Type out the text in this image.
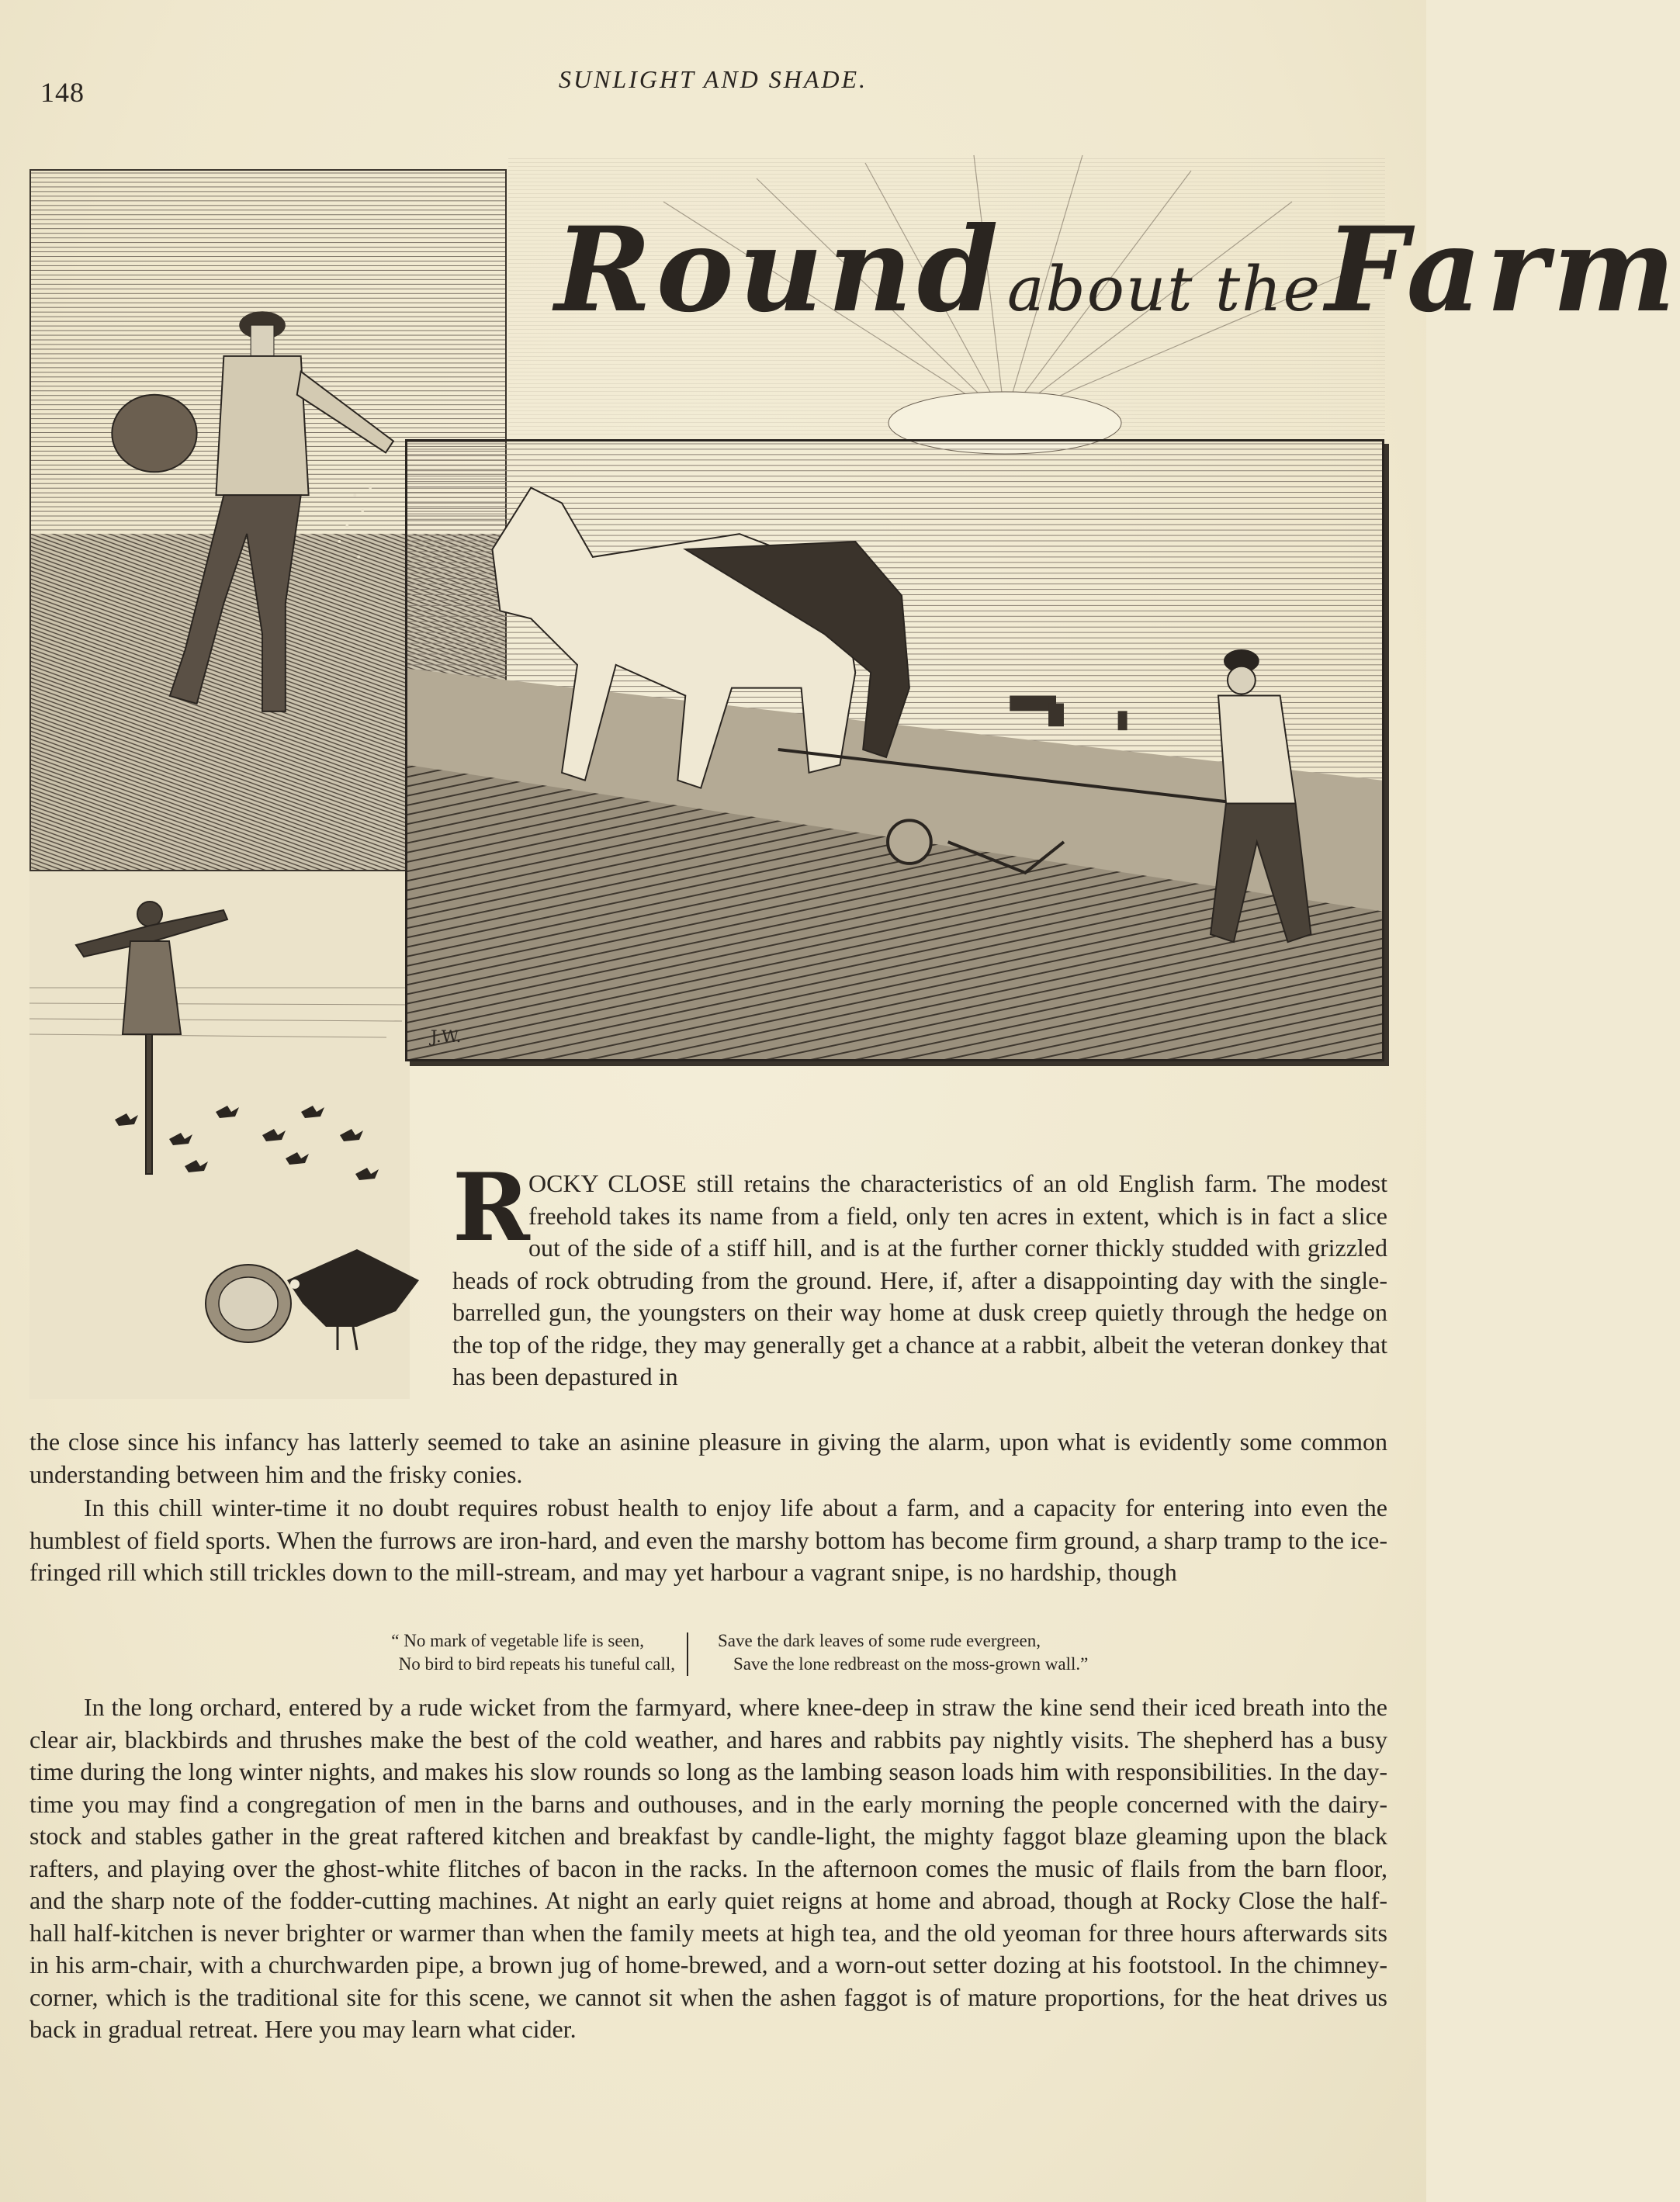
148	SUNLIGHT AND SHADE.
Round about the Farm
J.W.
R
OCKY CLOSE still retains the characteristics of an old English farm. The modest freehold takes its name from a field, only ten acres in extent, which is in fact a slice out of the side of a stiff hill, and is at the further corner thickly studded with grizzled heads of rock obtruding from the ground. Here, if, after a disappointing day with the single-barrelled gun, the youngsters on their way home at dusk creep quietly through the hedge on the top of the ridge, they may generally get a chance at a rabbit, albeit the veteran donkey that has been depastured in
the close since his infancy has latterly seemed to take an asinine pleasure in giving the alarm, upon what is evidently some common understanding between him and the frisky conies.
In this chill winter-time it no doubt requires robust health to enjoy life about a farm, and a capacity for entering into even the humblest of field sports. When the furrows are iron-hard, and even the marshy bottom has become firm ground, a sharp tramp to the ice-fringed rill which still trickles down to the mill-stream, and may yet harbour a vagrant snipe, is no hardship, though
“ No mark of vegetable life is seen,
No bird to bird repeats his tuneful call,
Save the dark leaves of some rude evergreen,
Save the lone redbreast on the moss-grown wall.”
In the long orchard, entered by a rude wicket from the farmyard, where knee-deep in straw the kine send their iced breath into the clear air, blackbirds and thrushes make the best of the cold weather, and hares and rabbits pay nightly visits. The shepherd has a busy time during the long winter nights, and makes his slow rounds so long as the lambing season loads him with responsibilities. In the day-time you may find a congregation of men in the barns and outhouses, and in the early morning the people concerned with the dairy-stock and stables gather in the great raftered kitchen and breakfast by candle-light, the mighty faggot blaze gleaming upon the black rafters, and playing over the ghost-white flitches of bacon in the racks. In the afternoon comes the music of flails from the barn floor, and the sharp note of the fodder-cutting machines. At night an early quiet reigns at home and abroad, though at Rocky Close the half-hall half-kitchen is never brighter or warmer than when the family meets at high tea, and the old yeoman for three hours afterwards sits in his arm-chair, with a churchwarden pipe, a brown jug of home-brewed, and a worn-out setter dozing at his footstool. In the chimney-corner, which is the traditional site for this scene, we cannot sit when the ashen faggot is of mature proportions, for the heat drives us back in gradual retreat. Here you may learn what cider.
